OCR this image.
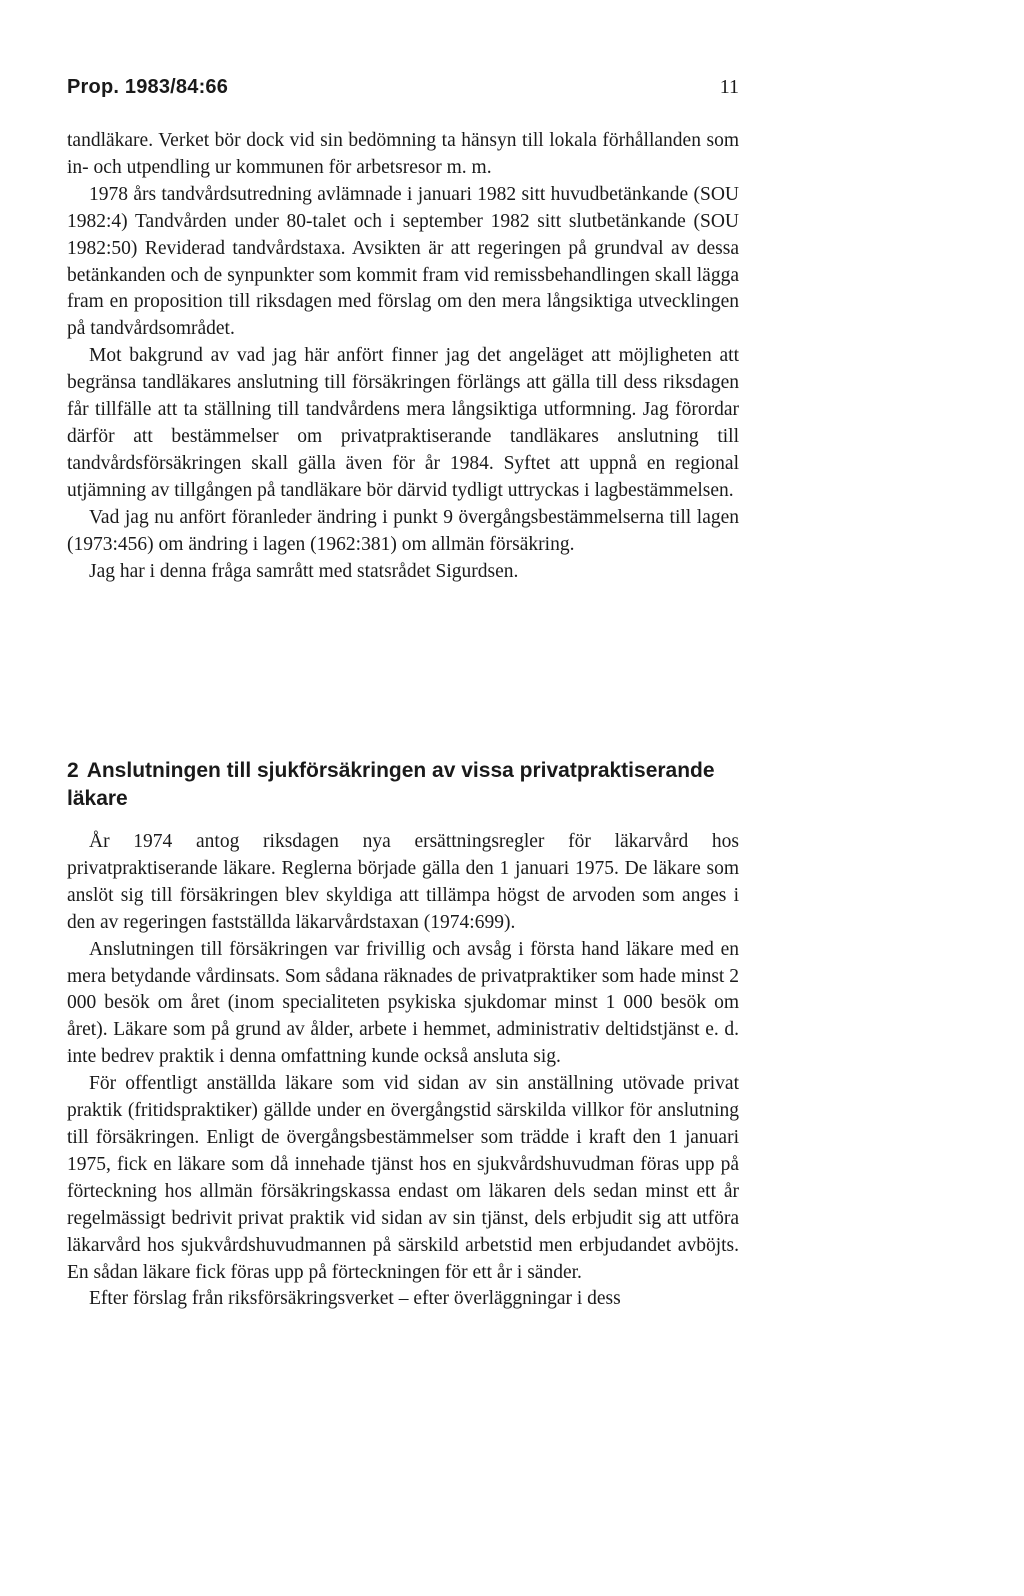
Prop. 1983/84:66	11

tandläkare. Verket bör dock vid sin bedömning ta hänsyn till lokala förhållanden som in- och utpendling ur kommunen för arbetsresor m. m.

1978 års tandvårdsutredning avlämnade i januari 1982 sitt huvudbetänkande (SOU 1982:4) Tandvården under 80-talet och i september 1982 sitt slutbetänkande (SOU 1982:50) Reviderad tandvårdstaxa. Avsikten är att regeringen på grundval av dessa betänkanden och de synpunkter som kommit fram vid remissbehandlingen skall lägga fram en proposition till riksdagen med förslag om den mera långsiktiga utvecklingen på tandvårdsområdet.

Mot bakgrund av vad jag här anfört finner jag det angeläget att möjligheten att begränsa tandläkares anslutning till försäkringen förlängs att gälla till dess riksdagen får tillfälle att ta ställning till tandvårdens mera långsiktiga utformning. Jag förordar därför att bestämmelser om privatpraktiserande tandläkares anslutning till tandvårdsförsäkringen skall gälla även för år 1984. Syftet att uppnå en regional utjämning av tillgången på tandläkare bör därvid tydligt uttryckas i lagbestämmelsen.

Vad jag nu anfört föranleder ändring i punkt 9 övergångsbestämmelserna till lagen (1973:456) om ändring i lagen (1962:381) om allmän försäkring.

Jag har i denna fråga samrått med statsrådet Sigurdsen.

2 Anslutningen till sjukförsäkringen av vissa privatpraktiserande läkare

År 1974 antog riksdagen nya ersättningsregler för läkarvård hos privatpraktiserande läkare. Reglerna började gälla den 1 januari 1975. De läkare som anslöt sig till försäkringen blev skyldiga att tillämpa högst de arvoden som anges i den av regeringen fastställda läkarvårdstaxan (1974:699).

Anslutningen till försäkringen var frivillig och avsåg i första hand läkare med en mera betydande vårdinsats. Som sådana räknades de privatpraktiker som hade minst 2 000 besök om året (inom specialiteten psykiska sjukdomar minst 1 000 besök om året). Läkare som på grund av ålder, arbete i hemmet, administrativ deltidstjänst e. d. inte bedrev praktik i denna omfattning kunde också ansluta sig.

För offentligt anställda läkare som vid sidan av sin anställning utövade privat praktik (fritidspraktiker) gällde under en övergångstid särskilda villkor för anslutning till försäkringen. Enligt de övergångsbestämmelser som trädde i kraft den 1 januari 1975, fick en läkare som då innehade tjänst hos en sjukvårdshuvudman föras upp på förteckning hos allmän försäkringskassa endast om läkaren dels sedan minst ett år regelmässigt bedrivit privat praktik vid sidan av sin tjänst, dels erbjudit sig att utföra läkarvård hos sjukvårdshuvudmannen på särskild arbetstid men erbjudandet avböjts. En sådan läkare fick föras upp på förteckningen för ett år i sänder.

Efter förslag från riksförsäkringsverket – efter överläggningar i dess
